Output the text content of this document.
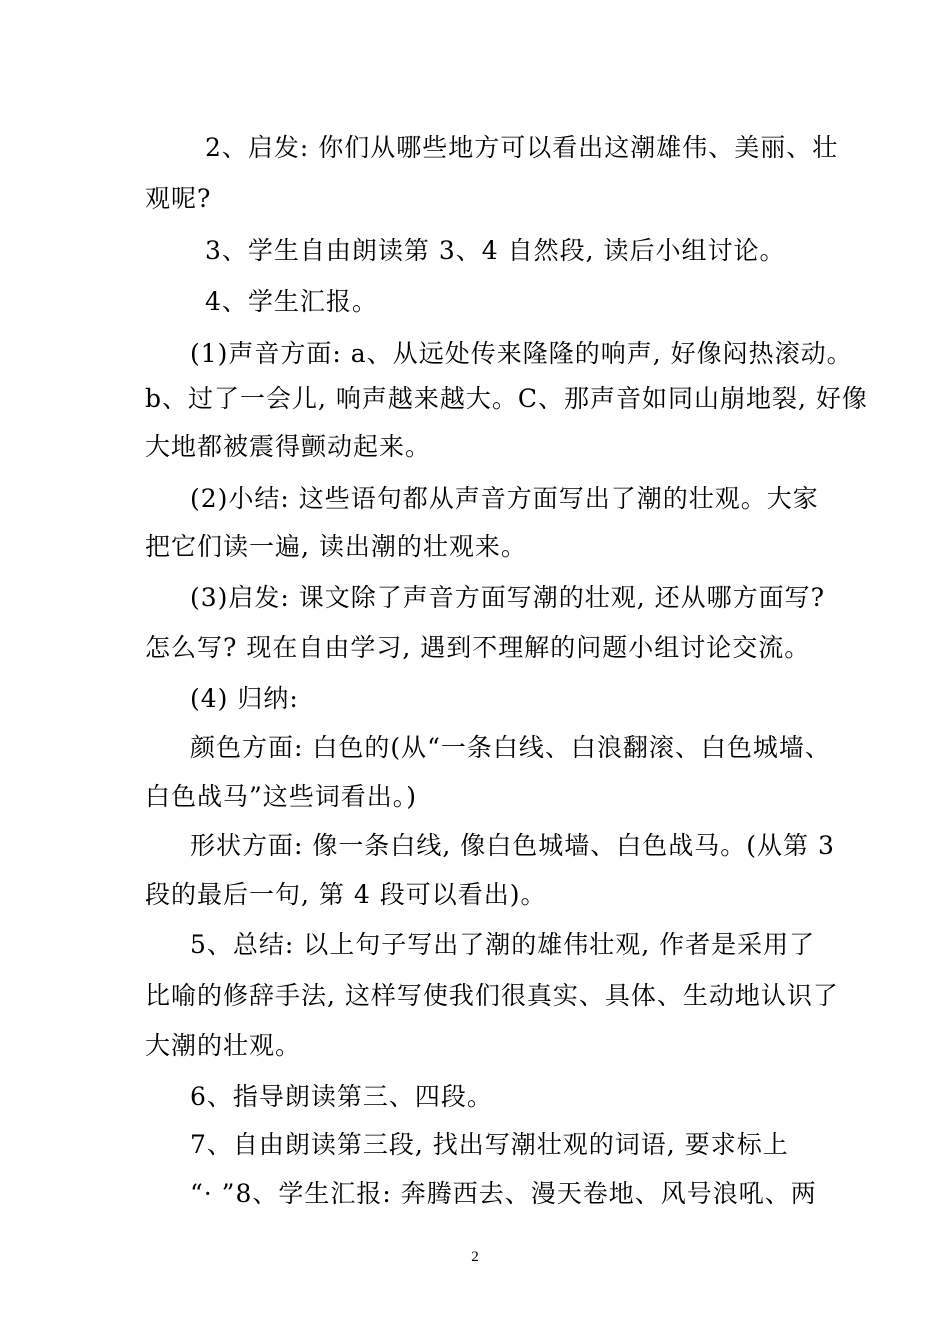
2、启发: 你们从哪些地方可以看出这潮雄伟、美丽、壮
观呢?
3、学生自由朗读第 3、4 自然段, 读后小组讨论。
4、学生汇报。
(1)声音方面: a、从远处传来隆隆的响声, 好像闷热滚动。
b、过了一会儿, 响声越来越大。C、那声音如同山崩地裂, 好像
大地都被震得颤动起来。
(2)小结: 这些语句都从声音方面写出了潮的壮观。大家
把它们读一遍, 读出潮的壮观来。
(3)启发: 课文除了声音方面写潮的壮观, 还从哪方面写?
怎么写? 现在自由学习, 遇到不理解的问题小组讨论交流。
(4) 归纳:
颜色方面: 白色的(从“一条白线、白浪翻滚、白色城墙、
白色战马”这些词看出。)
形状方面: 像一条白线, 像白色城墙、白色战马。(从第 3
段的最后一句, 第 4 段可以看出)。
5、总结: 以上句子写出了潮的雄伟壮观, 作者是采用了
比喻的修辞手法, 这样写使我们很真实、具体、生动地认识了
大潮的壮观。
6、指导朗读第三、四段。
7、自由朗读第三段, 找出写潮壮观的词语, 要求标上
“· ”8、学生汇报: 奔腾西去、漫天卷地、风号浪吼、两
2
